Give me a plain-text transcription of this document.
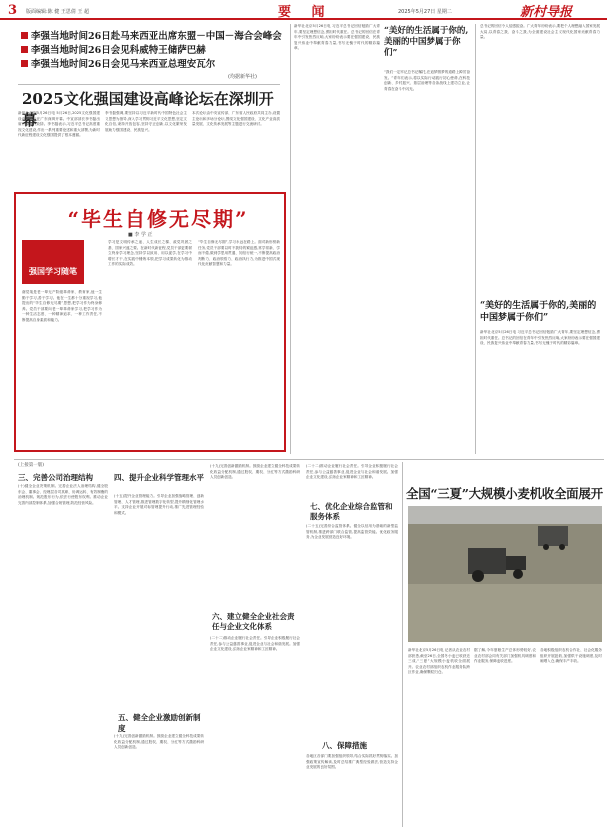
3 版面编辑:陈 健 王思倩 王 超	要 闻	2025年5月27日 星期二	新村导报
李强当地时间26日赴马来西亚出席东盟－中国－海合会峰会
李强当地时间26日会见科威特王储萨巴赫
李强当地时间26日会见马来西亚总理安瓦尔
(均据新华社)
2025文化强国建设高峰论坛在深圳开幕
新华社深圳5月26日电 5月26日,2025文化强国建设高峰论坛在广东深圳开幕。中宣部部长李书磊出席开幕式并致辞。李书磊表示,习近平总书记高度重视文化建设,作出一系列重要论述和重大部署,为新时代新征程建设文化强国提供了根本遵循。
李书磊强调,要坚持以习近平新时代中国特色社会主义思想为指导,深入学习贯彻习近平文化思想,坚定文化自信,秉持开放包容,坚持守正创新,以文化繁荣发展助力强国建设、民族复兴。
本次论坛由中央宣传部、广东省人民政府共同主办,设置主论坛和多场分论坛,围绕文化强国建设、文化产业高质量发展、文化传承发展等主题进行交流研讨。
“毕生自修无尽期”
■ 李 学 正
强国学习随笔
谢觉哉是老一辈无产阶级革命家、教育家,他一生勤于学习,善于学习。他在一生都十分重视学习,他提出的“毕生自修无尽期”思想,把学习作为终身修养。党员干部要向老一辈革命家学习,把学习作为一种生活态度、一种精神追求、一种工作责任,不断提高自身素质和能力。
学习是文明传承之途、人生成长之梯、政党巩固之基、国家兴盛之要。在新时代新征程,党员干部更要树立终身学习理念,坚持学以致用、用以促学,在学习中增长才干,在实践中锤炼本领,把学习成果转化为推动工作的实际成效。
“毕生自修无尽期”,学习永远在路上。面对新形势新任务,党员干部要以时不我待的紧迫感,常学常新、学而不倦,做到学思用贯通、知信行统一,不断提高政治判断力、政治领悟力、政治执行力,为推进中国式现代化贡献智慧和力量。
新华社北京5月26日电 习近平总书记回信勉励广大青年,要坚定理想信念,勇担时代重任。总书记的回信在青年中引发热烈反响,大家纷纷表示要在强国建设、民族复兴伟业中奉献青春力量,书写无愧于时代的精彩篇章。
“美好的生活属于你的,美丽的中国梦属于你们”
“我们一定牢记总书记嘱托,在追梦圆梦的道路上踔厉奋发。”青年们表示,将以实际行动践行初心使命,在科技创新、乡村振兴、基层治理等各条战线上建功立业,让青春在奋斗中闪光。
“美好的生活属于你的,美丽的中国梦属于你们”
总书记的回信令人倍感振奋。广大青年纷纷表示,要把个人理想融入国家发展大局,以青春之我、奋斗之我,为全面建设社会主义现代化国家贡献青春力量。
新华社北京5月26日电 习近平总书记回信勉励广大青年,要坚定理想信念,勇担时代重任。总书记的回信在青年中引发热烈反响,大家纷纷表示要在强国建设、民族复兴伟业中奉献青春力量,书写无愧于时代的精彩篇章。
(上接第一版)
三、完善公司治理结构
(十)健全企业决策机制。完善企业法人治理结构,健全股东会、董事会、经理层各司其职、协调运转、有效制衡的治理机制。规范股东行为,依法行使股东权利。推动企业完善内部控制体系,加强合规管理,防范经营风险。
四、提升企业科学管理水平
(十五)提升企业管理能力。引导企业加强战略管理、创新管理、人才管理,推进管理数字化转型,提升精细化管理水平。支持企业开展对标管理提升行动,推广先进管理经验和模式。
五、健全企业激励创新制度
(十九)完善创新激励机制。鼓励企业建立健全科技成果转化收益分配机制,通过股权、期权、分红等方式激励科研人员创新创造。
六、建立健全企业社会责任与企业文化体系
(十九)完善创新激励机制。鼓励企业建立健全科技成果转化收益分配机制,通过股权、期权、分红等方式激励科研人员创新创造。
(二十二)推动企业履行社会责任。引导企业积极履行社会责任,参与公益慈善事业,促进企业与社会和谐发展。加强企业文化建设,弘扬企业家精神和工匠精神。
七、优化企业综合监管和服务体系
(二十二)推动企业履行社会责任。引导企业积极履行社会责任,参与公益慈善事业,促进企业与社会和谐发展。加强企业文化建设,弘扬企业家精神和工匠精神。
(二十五)完善综合监管体系。健全以信用为基础的新型监管机制,推进跨部门联合监管,提高监管效能。优化政务服务,为企业发展营造良好环境。
八、保障措施
各地区各部门要加强组织领导,结合实际抓好贯彻落实。加强政策宣传解读,及时总结推广典型经验做法,营造支持企业发展的良好氛围。
全国“三夏”大规模小麦机收全面展开
新华社北京5月26日电 记者从农业农村部获悉,截至26日,全国冬小麦已收获近三成,“三夏”大规模小麦机收全面展开。农业农村部组织农机作业服务队跨区作业,确保颗粒归仓。
据了解,今年夏粮生产总体形势较好,农业农村部会同有关部门加强机具调度和作业服务,保障麦收进度。
各地积极组织农机合作社、社会化服务组织开展抢收,加强烘干设施调度,及时晾晒入仓,确保丰产丰收。
